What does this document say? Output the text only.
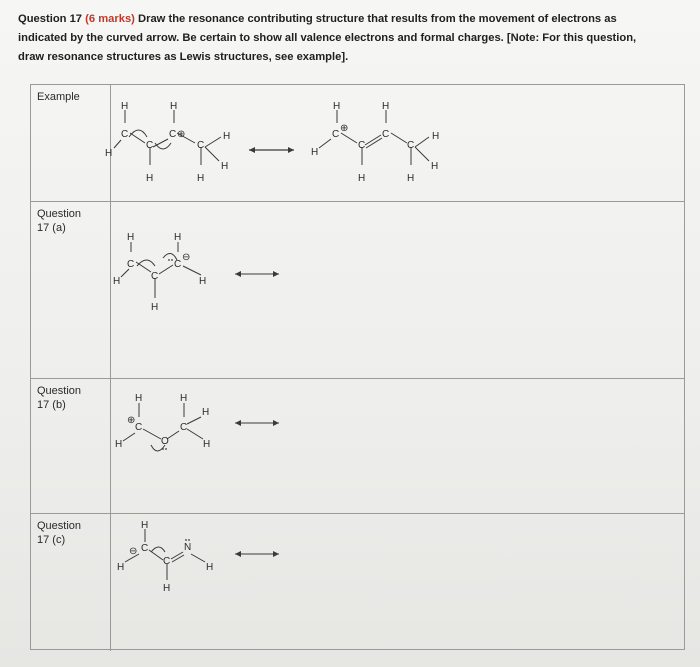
Question 17 (6 marks) Draw the resonance contributing structure that results from the movement of electrons as
indicated by the curved arrow. Be certain to show all valence electrons and formal charges. [Note: For this question,
draw resonance structures as Lewis structures, see example].
Example
H	H
C
H
C
C ⊕
C
H
H
H	H
H	H
C
⊕
H
C
C
C
H
H
H	H
Question
17 (a)
H	H
C
H	C
C
⊖
H
H
Question
17 (b)
H	H
⊕
C
H	O
C
H
H
Question
17 (c)
H
⊖ C
H
C
N
H
H
